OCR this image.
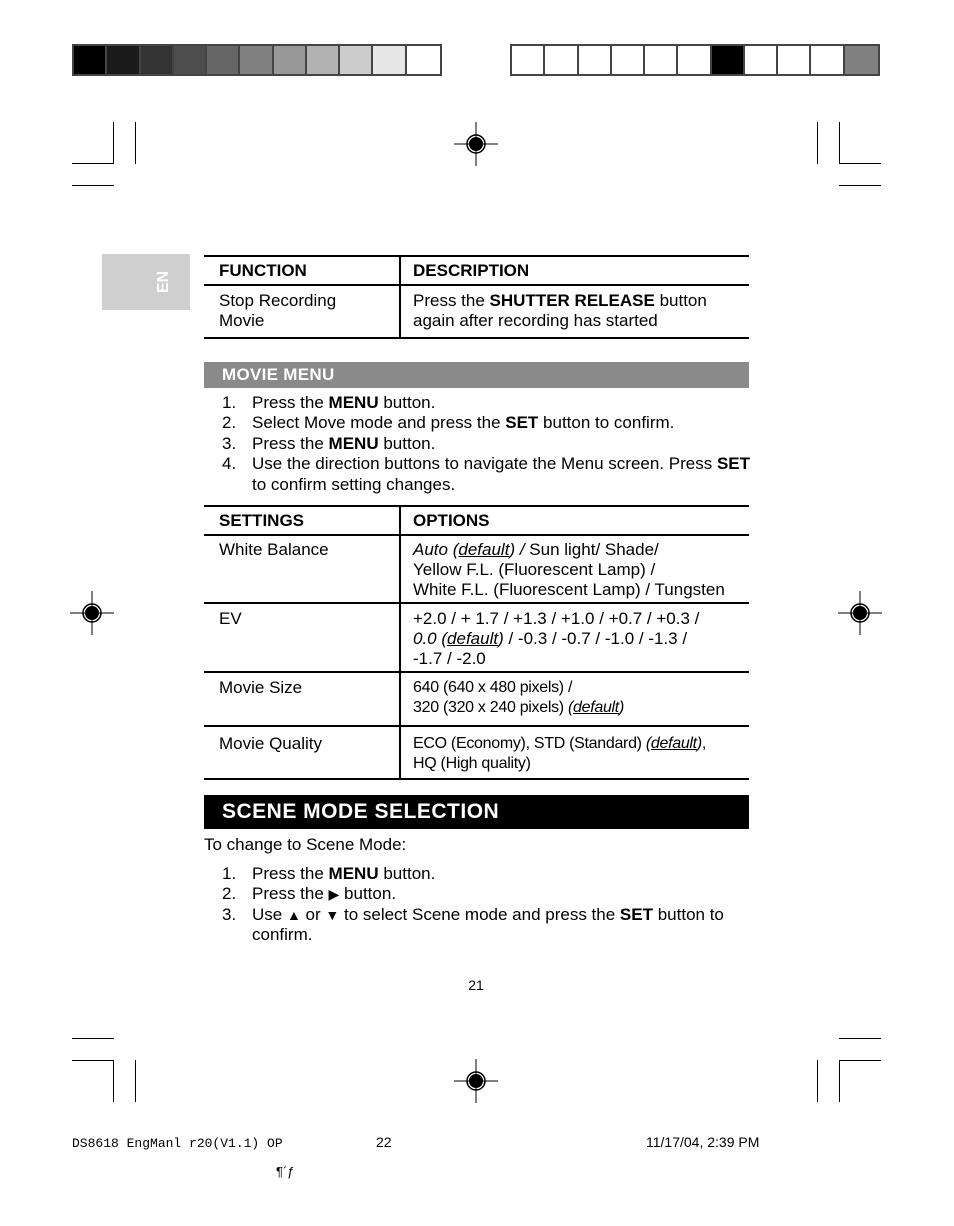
EN
FUNCTION	DESCRIPTION
Stop Recording
Movie	Press the SHUTTER RELEASE button
again after recording has started
MOVIE MENU
1. Press the MENU button.
2. Select Move mode and press the SET button to confirm.
3. Press the MENU button.
4. Use the direction buttons to navigate the Menu screen. Press SET to confirm setting changes.
SETTINGS	OPTIONS
White Balance	Auto (default) / Sun light/ Shade/
Yellow F.L. (Fluorescent Lamp) /
White F.L. (Fluorescent Lamp) / Tungsten
EV	+2.0 / + 1.7 / +1.3 / +1.0 / +0.7 / +0.3 /
0.0 (default) / -0.3 / -0.7 / -1.0 / -1.3 /
-1.7 / -2.0
Movie Size	640 (640 x 480 pixels) /
320 (320 x 240 pixels) (default)
Movie Quality	ECO (Economy), STD (Standard) (default),
HQ (High quality)
SCENE MODE SELECTION
To change to Scene Mode:
1. Press the MENU button.
2. Press the ▶ button.
3. Use ▲ or ▼ to select Scene mode and press the SET button to confirm.
21
DS8618 EngManl r20(V1.1) OP	22	11/17/04, 2:39 PM
¶´ƒ
